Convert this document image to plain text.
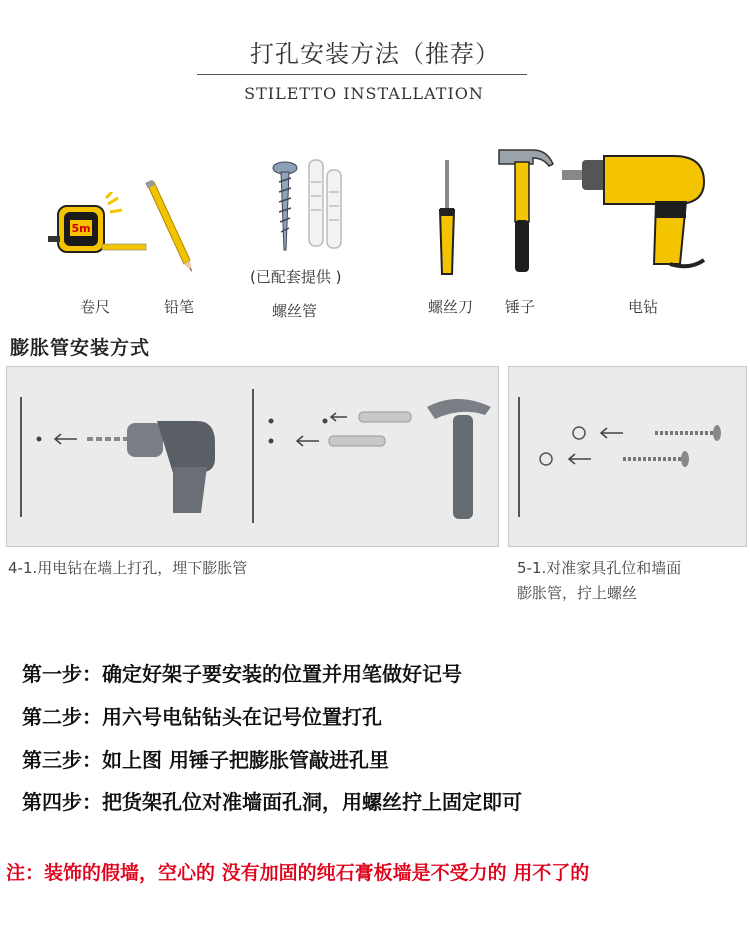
打孔安装方法（推荐）
STILETTO INSTALLATION
5m
卷尺	铅笔
(已配套提供 )
螺丝管	螺丝刀 锤子	电钻
膨胀管安装方式
4-1.用电钻在墙上打孔，埋下膨胀管	5-1.对准家具孔位和墙面
膨胀管，拧上螺丝
第一步：确定好架子要安装的位置并用笔做好记号
第二步：用六号电钻钻头在记号位置打孔
第三步：如上图 用锤子把膨胀管敲进孔里
第四步：把货架孔位对准墙面孔洞，用螺丝拧上固定即可
注：装饰的假墙，空心的 没有加固的纯石膏板墙是不受力的 用不了的
